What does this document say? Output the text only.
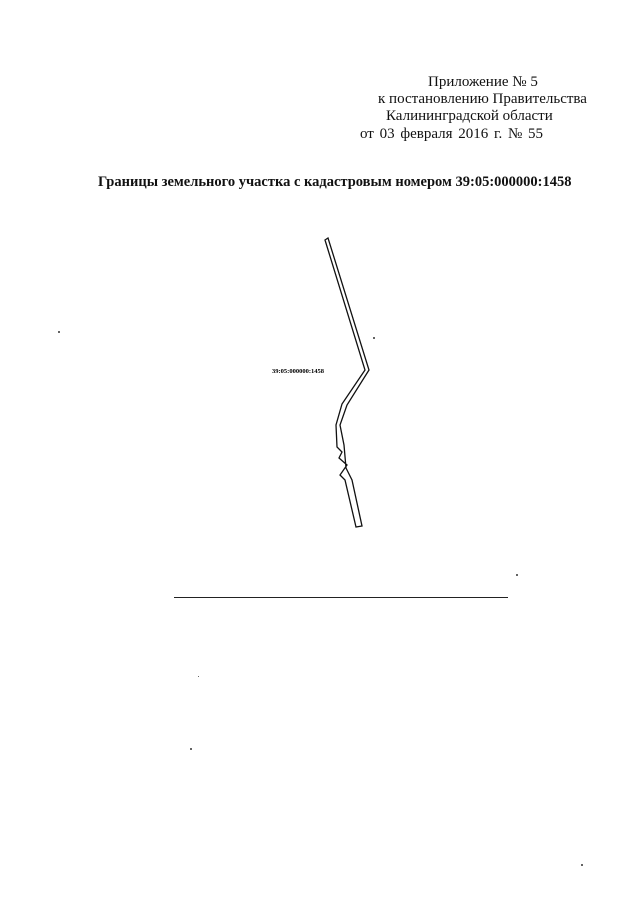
Приложение № 5
к постановлению Правительства
Калининградской области
от 03 февраля 2016 г. № 55
Границы земельного участка с кадастровым номером 39:05:000000:1458
39:05:000000:1458
